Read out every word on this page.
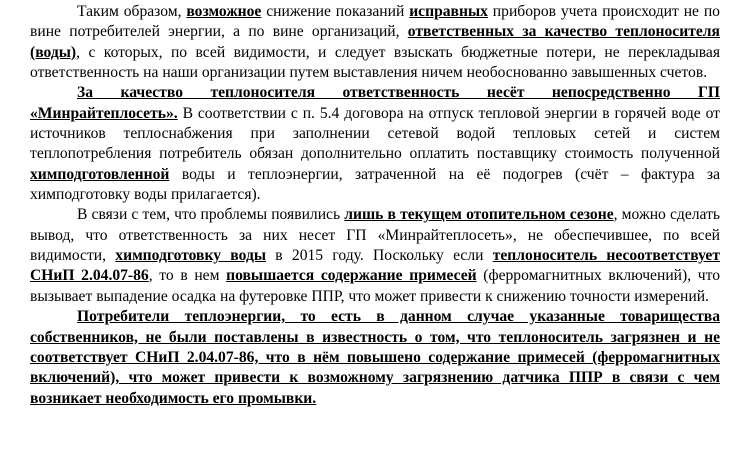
Таким образом, возможное снижение показаний исправных приборов учета происходит не по вине потребителей энергии, а по вине организаций, ответственных за качество теплоносителя (воды), с которых, по всей видимости, и следует взыскать бюджетные потери, не перекладывая ответственность на наши организации путем выставления ничем необоснованно завышенных счетов.

За качество теплоносителя ответственность несёт непосредственно ГП «Минрайтеплосеть». В соответствии с п. 5.4 договора на отпуск тепловой энергии в горячей воде от источников теплоснабжения при заполнении сетевой водой тепловых сетей и систем теплопотребления потребитель обязан дополнительно оплатить поставщику стоимость полученной химподготовленной воды и теплоэнергии, затраченной на её подогрев (счёт – фактура за химподготовку воды прилагается).

В связи с тем, что проблемы появились лишь в текущем отопительном сезоне, можно сделать вывод, что ответственность за них несет ГП «Минрайтеплосеть», не обеспечившее, по всей видимости, химподготовку воды в 2015 году. Поскольку если теплоноситель несоответствует СНиП 2.04.07-86, то в нем повышается содержание примесей (ферромагнитных включений), что вызывает выпадение осадка на футеровке ППР, что может привести к снижению точности измерений.

Потребители теплоэнергии, то есть в данном случае указанные товарищества собственников, не были поставлены в известность о том, что теплоноситель загрязнен и не соответствует СНиП 2.04.07-86, что в нём повышено содержание примесей (ферромагнитных включений), что может привести к возможному загрязнению датчика ППР в связи с чем возникает необходимость его промывки.
